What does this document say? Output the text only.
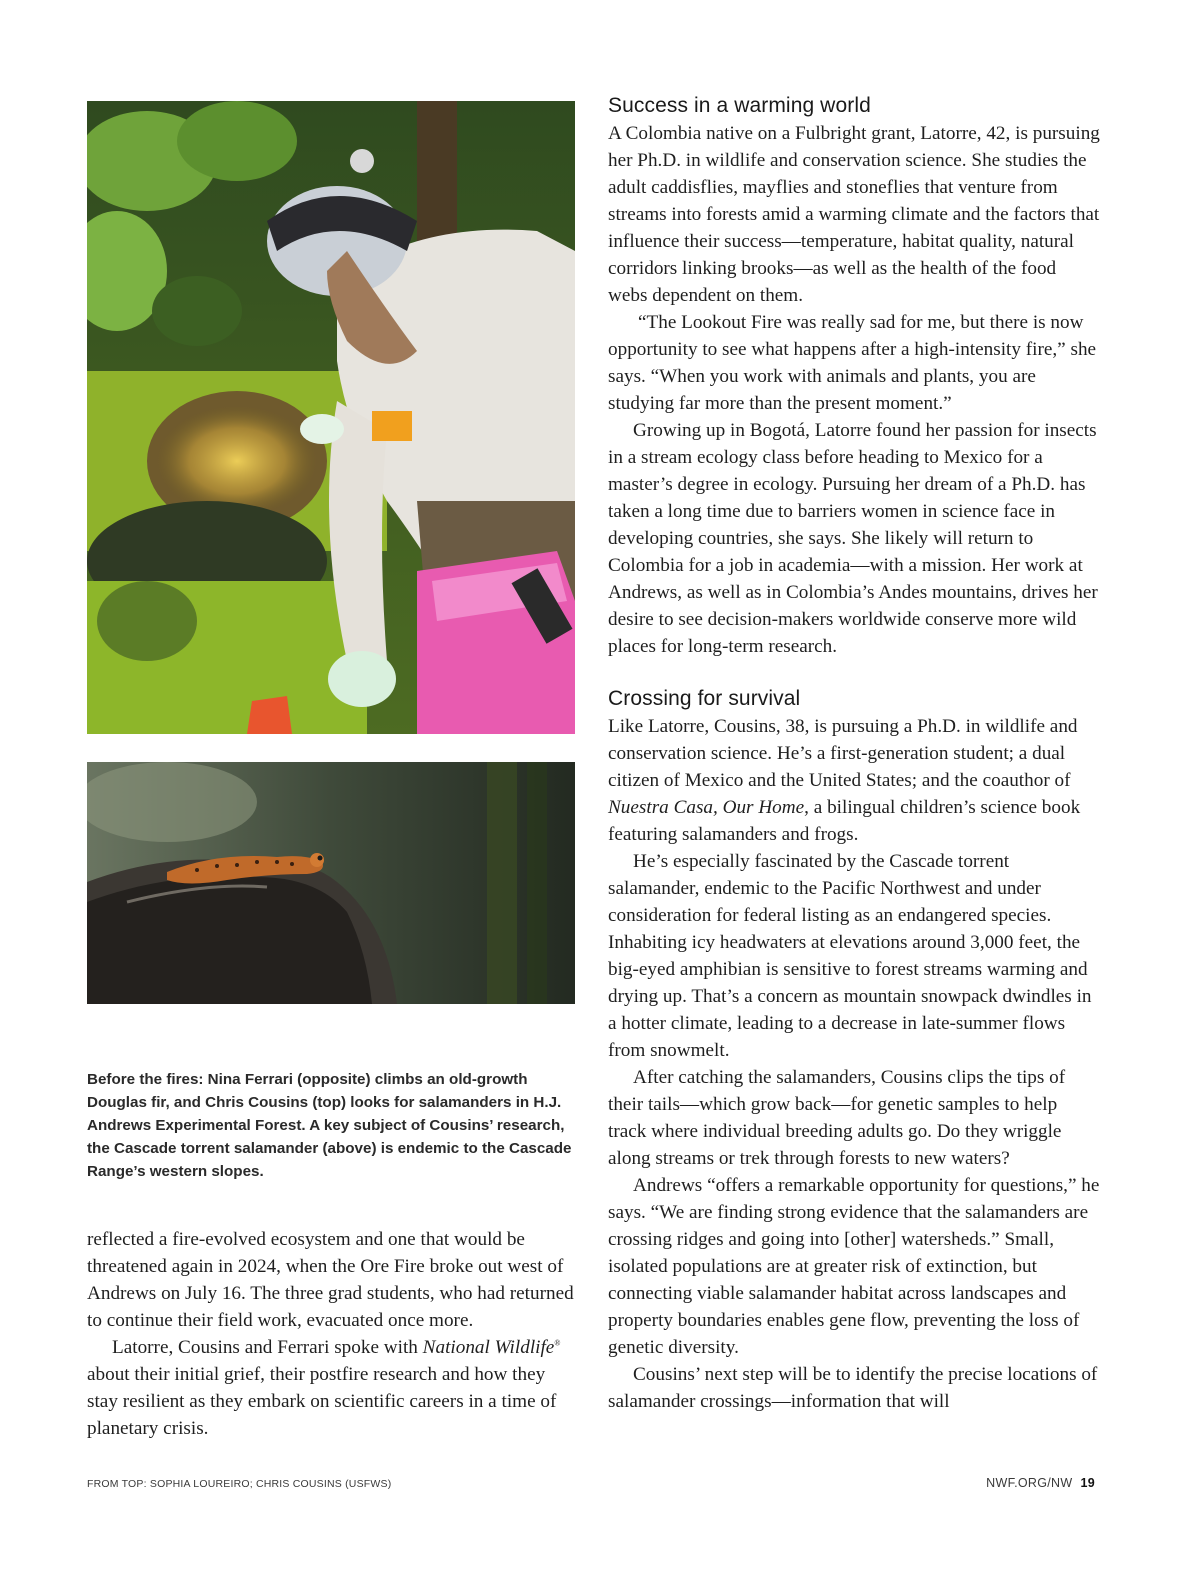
Before the fires: Nina Ferrari (opposite) climbs an old-growth Douglas fir, and Chris Cousins (top) looks for salamanders in H.J. Andrews Experimental Forest. A key subject of Cousins’ research, the Cascade torrent salamander (above) is endemic to the Cascade Range’s western slopes.

reflected a fire-evolved ecosystem and one that would be threatened again in 2024, when the Ore Fire broke out west of Andrews on July 16. The three grad students, who had returned to continue their field work, evacuated once more.

Latorre, Cousins and Ferrari spoke with National Wildlife® about their initial grief, their postfire research and how they stay resilient as they embark on scientific careers in a time of planetary crisis.

Success in a warming world

A Colombia native on a Fulbright grant, Latorre, 42, is pursuing her Ph.D. in wildlife and conservation science. She studies the adult caddisflies, mayflies and stoneflies that venture from streams into forests amid a warming climate and the factors that influence their success—temperature, habitat quality, natural corridors linking brooks—as well as the health of the food webs dependent on them.

“The Lookout Fire was really sad for me, but there is now opportunity to see what happens after a high-intensity fire,” she says. “When you work with animals and plants, you are studying far more than the present moment.”

Growing up in Bogotá, Latorre found her passion for insects in a stream ecology class before heading to Mexico for a master’s degree in ecology. Pursuing her dream of a Ph.D. has taken a long time due to barriers women in science face in developing countries, she says. She likely will return to Colombia for a job in academia—with a mission. Her work at Andrews, as well as in Colombia’s Andes mountains, drives her desire to see decision-makers worldwide conserve more wild places for long-term research.

Crossing for survival

Like Latorre, Cousins, 38, is pursuing a Ph.D. in wildlife and conservation science. He’s a first-generation student; a dual citizen of Mexico and the United States; and the coauthor of Nuestra Casa, Our Home, a bilingual children’s science book featuring salamanders and frogs.

He’s especially fascinated by the Cascade torrent salamander, endemic to the Pacific Northwest and under consideration for federal listing as an endangered species. Inhabiting icy headwaters at elevations around 3,000 feet, the big-eyed amphibian is sensitive to forest streams warming and drying up. That’s a concern as mountain snowpack dwindles in a hotter climate, leading to a decrease in late-summer flows from snowmelt.

After catching the salamanders, Cousins clips the tips of their tails—which grow back—for genetic samples to help track where individual breeding adults go. Do they wriggle along streams or trek through forests to new waters?

Andrews “offers a remarkable opportunity for questions,” he says. “We are finding strong evidence that the salamanders are crossing ridges and going into [other] watersheds.” Small, isolated populations are at greater risk of extinction, but connecting viable salamander habitat across landscapes and property boundaries enables gene flow, preventing the loss of genetic diversity.

Cousins’ next step will be to identify the precise locations of salamander crossings—information that will

FROM TOP: SOPHIA LOUREIRO; CHRIS COUSINS (USFWS)	NWF.ORG/NW 19
